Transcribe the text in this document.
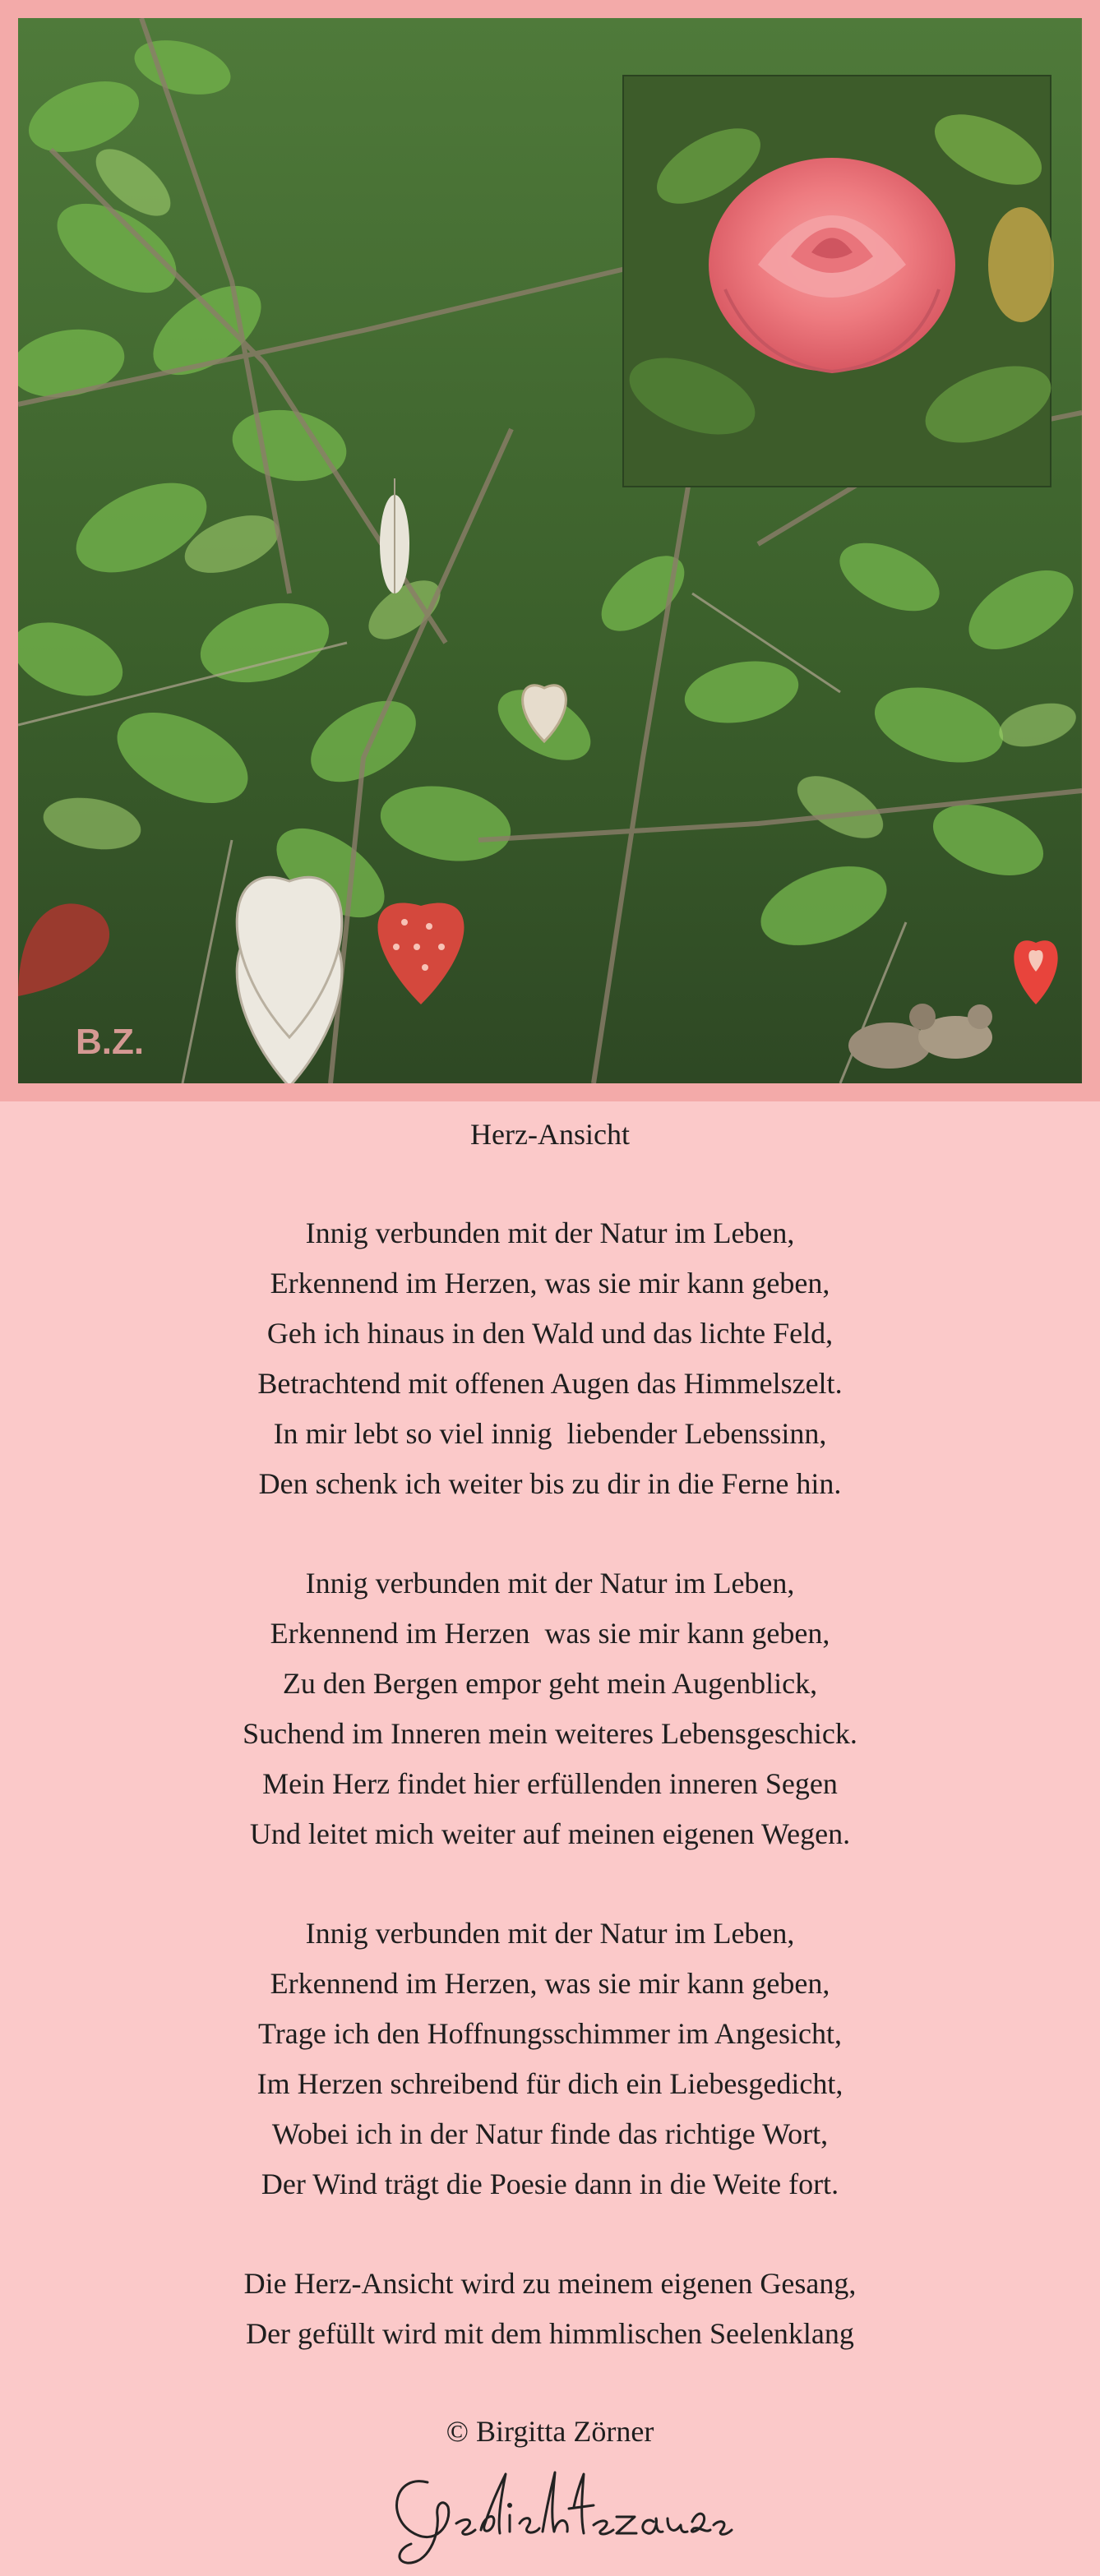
B.Z.

Herz-Ansicht

Innig verbunden mit der Natur im Leben,

Erkennend im Herzen, was sie mir kann geben,

Geh ich hinaus in den Wald und das lichte Feld,

Betrachtend mit offenen Augen das Himmelszelt.

In mir lebt so viel innig  liebender Lebenssinn,

Den schenk ich weiter bis zu dir in die Ferne hin.

Innig verbunden mit der Natur im Leben,

Erkennend im Herzen  was sie mir kann geben,

Zu den Bergen empor geht mein Augenblick,

Suchend im Inneren mein weiteres Lebensgeschick.

Mein Herz findet hier erfüllenden inneren Segen

Und leitet mich weiter auf meinen eigenen Wegen.

Innig verbunden mit der Natur im Leben,

Erkennend im Herzen, was sie mir kann geben,

Trage ich den Hoffnungsschimmer im Angesicht,

Im Herzen schreibend für dich ein Liebesgedicht,

Wobei ich in der Natur finde das richtige Wort,

Der Wind trägt die Poesie dann in die Weite fort.

Die Herz-Ansicht wird zu meinem eigenen Gesang,

Der gefüllt wird mit dem himmlischen Seelenklang

© Birgitta Zörner
Gedichtezauber
